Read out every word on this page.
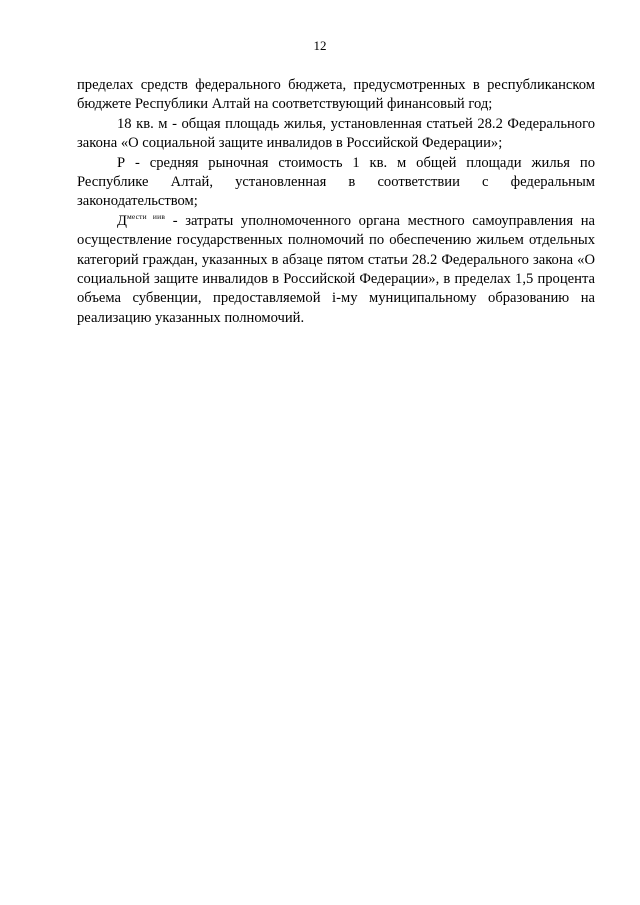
12

пределах средств федерального бюджета, предусмотренных в республиканском бюджете Республики Алтай на соответствующий финансовый год;

18 кв. м - общая площадь жилья, установленная статьей 28.2 Федерального закона «О социальной защите инвалидов в Российской Федерации»;

Р - средняя рыночная стоимость 1 кв. м общей площади жилья по Республике Алтай, установленная в соответствии с федеральным законодательством;

$Д^{мести иив}$ - затраты уполномоченного органа местного самоуправления на осуществление государственных полномочий по обеспечению жильем отдельных категорий граждан, указанных в абзаце пятом статьи 28.2 Федерального закона «О социальной защите инвалидов в Российской Федерации», в пределах 1,5 процента объема субвенции, предоставляемой i-му муниципальному образованию на реализацию указанных полномочий.
